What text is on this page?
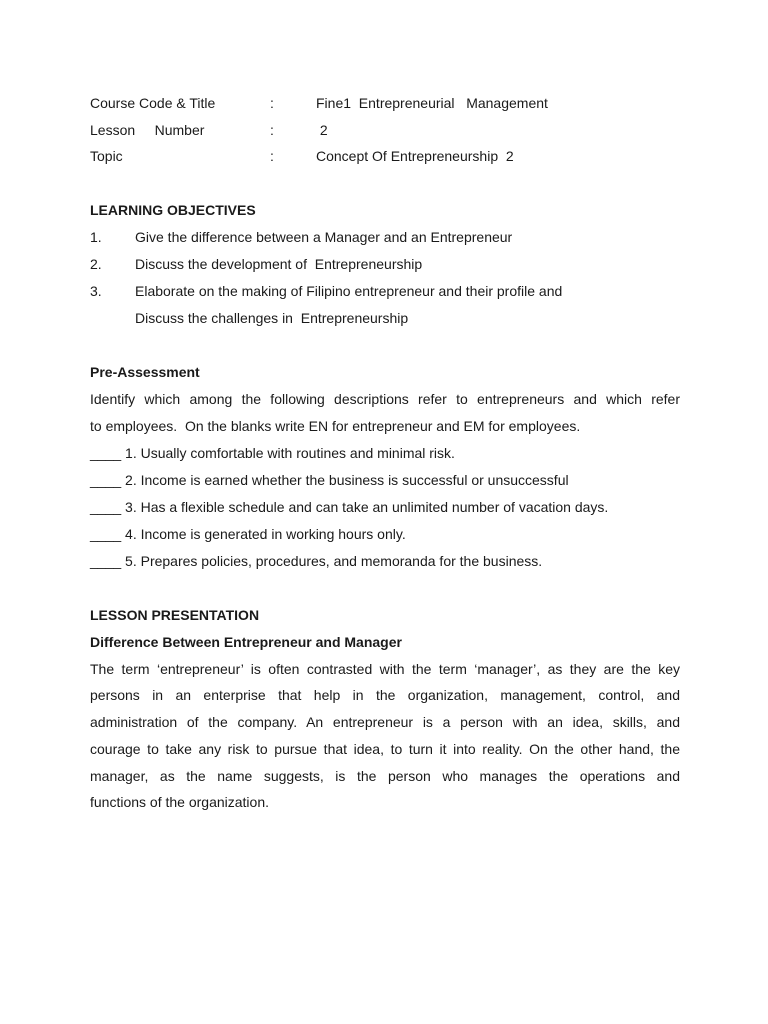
Course Code & Title	:	Fine1  Entrepreneurial   Management
Lesson     Number	:	2
Topic	:	Concept Of Entrepreneurship  2
LEARNING OBJECTIVES
1. Give the difference between a Manager and an Entrepreneur
2. Discuss the development of  Entrepreneurship
3. Elaborate on the making of Filipino entrepreneur and their profile and
Discuss the challenges in  Entrepreneurship
Pre-Assessment
Identify which among the following descriptions refer to entrepreneurs and which refer
to employees.  On the blanks write EN for entrepreneur and EM for employees.
____ 1. Usually comfortable with routines and minimal risk.
____ 2. Income is earned whether the business is successful or unsuccessful
____ 3. Has a flexible schedule and can take an unlimited number of vacation days.
____ 4. Income is generated in working hours only.
____ 5. Prepares policies, procedures, and memoranda for the business.
LESSON PRESENTATION
Difference Between Entrepreneur and Manager
The term ‘entrepreneur’ is often contrasted with the term ‘manager’, as they are the key
persons in an enterprise that help in the organization, management, control, and
administration of the company. An entrepreneur is a person with an idea, skills, and
courage to take any risk to pursue that idea, to turn it into reality. On the other hand, the
manager, as the name suggests, is the person who manages the operations and
functions of the organization.
